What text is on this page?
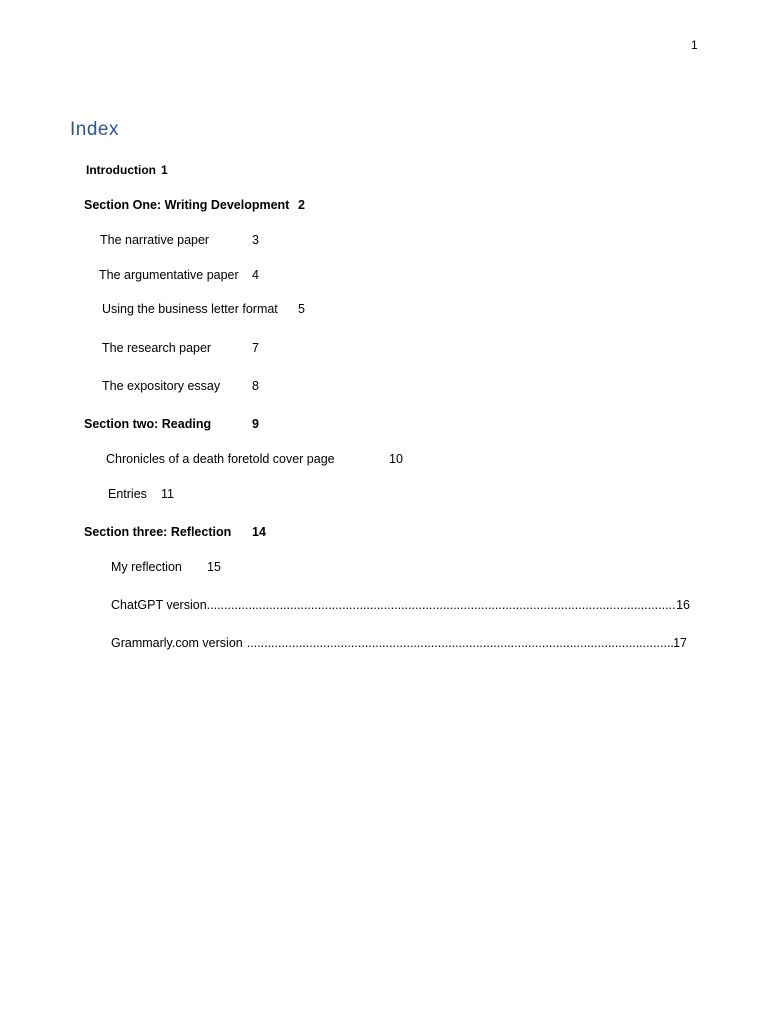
1
Index
Introduction 1
Section One: Writing Development 2
The narrative paper	3
The argumentative paper 4
Using the business letter format 5
The research paper	7
The expository essay	8
Section two: Reading	9
Chronicles of a death foretold cover page	10
Entries 11
Section three: Reflection 14
My reflection 15
ChatGPT version .....	16
Grammarly.com version .....	17
